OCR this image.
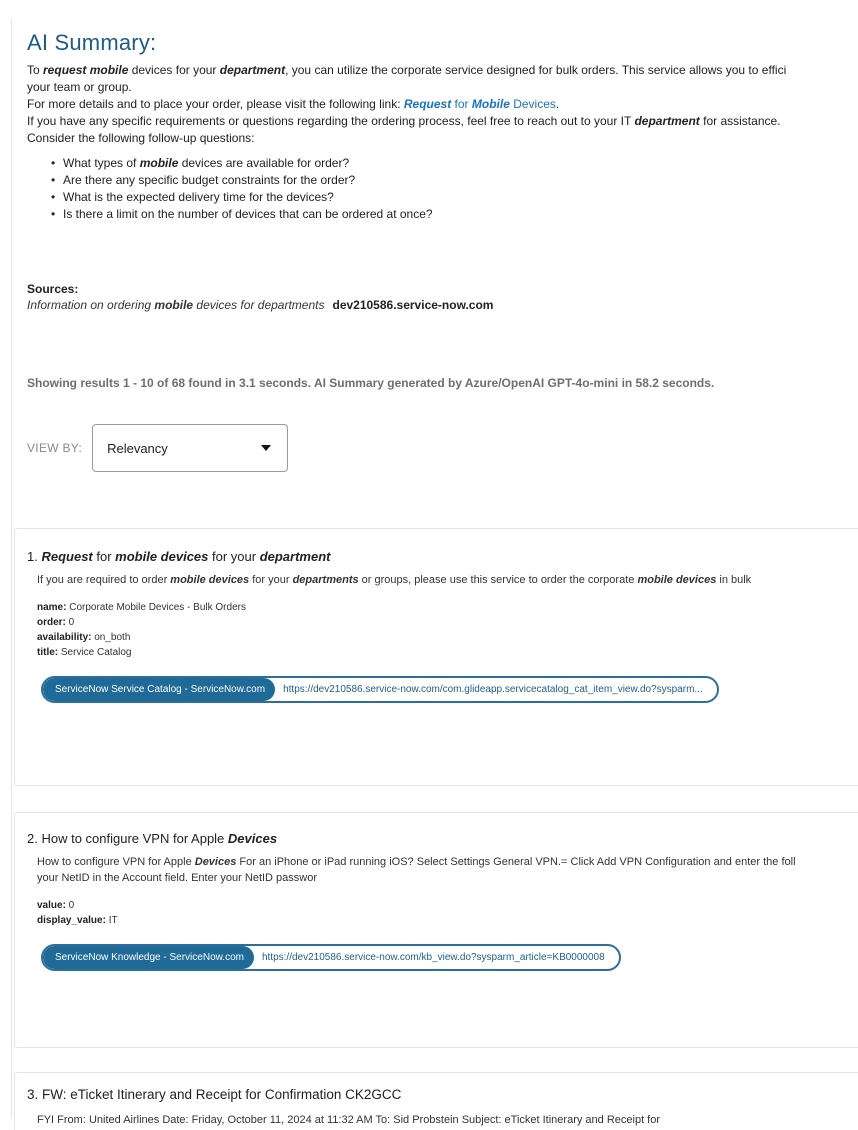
AI Summary:
To request mobile devices for your department, you can utilize the corporate service designed for bulk orders. This service allows you to effici
your team or group.
For more details and to place your order, please visit the following link: Request for Mobile Devices.
If you have any specific requirements or questions regarding the ordering process, feel free to reach out to your IT department for assistance.
Consider the following follow-up questions:
• What types of mobile devices are available for order?
• Are there any specific budget constraints for the order?
• What is the expected delivery time for the devices?
• Is there a limit on the number of devices that can be ordered at once?
Sources:
Information on ordering mobile devices for departments dev210586.service-now.com
Showing results 1 - 10 of 68 found in 3.1 seconds. AI Summary generated by Azure/OpenAI GPT-4o-mini in 58.2 seconds.
VIEW BY: Relevancy
1. Request for mobile devices for your department
If you are required to order mobile devices for your departments or groups, please use this service to order the corporate mobile devices in bulk
name: Corporate Mobile Devices - Bulk Orders
order: 0
availability: on_both
title: Service Catalog
ServiceNow Service Catalog - ServiceNow.com	https://dev210586.service-now.com/com.glideapp.servicecatalog_cat_item_view.do?sysparm...
2. How to configure VPN for Apple Devices
How to configure VPN for Apple Devices For an iPhone or iPad running iOS? Select Settings General VPN.= Click Add VPN Configuration and enter the foll
your NetID in the Account field. Enter your NetID passwor
value: 0
display_value: IT
ServiceNow Knowledge - ServiceNow.com	https://dev210586.service-now.com/kb_view.do?sysparm_article=KB0000008
3. FW: eTicket Itinerary and Receipt for Confirmation CK2GCC
FYI From: United Airlines Date: Friday, October 11, 2024 at 11:32 AM To: Sid Probstein Subject: eTicket Itinerary and Receipt for
